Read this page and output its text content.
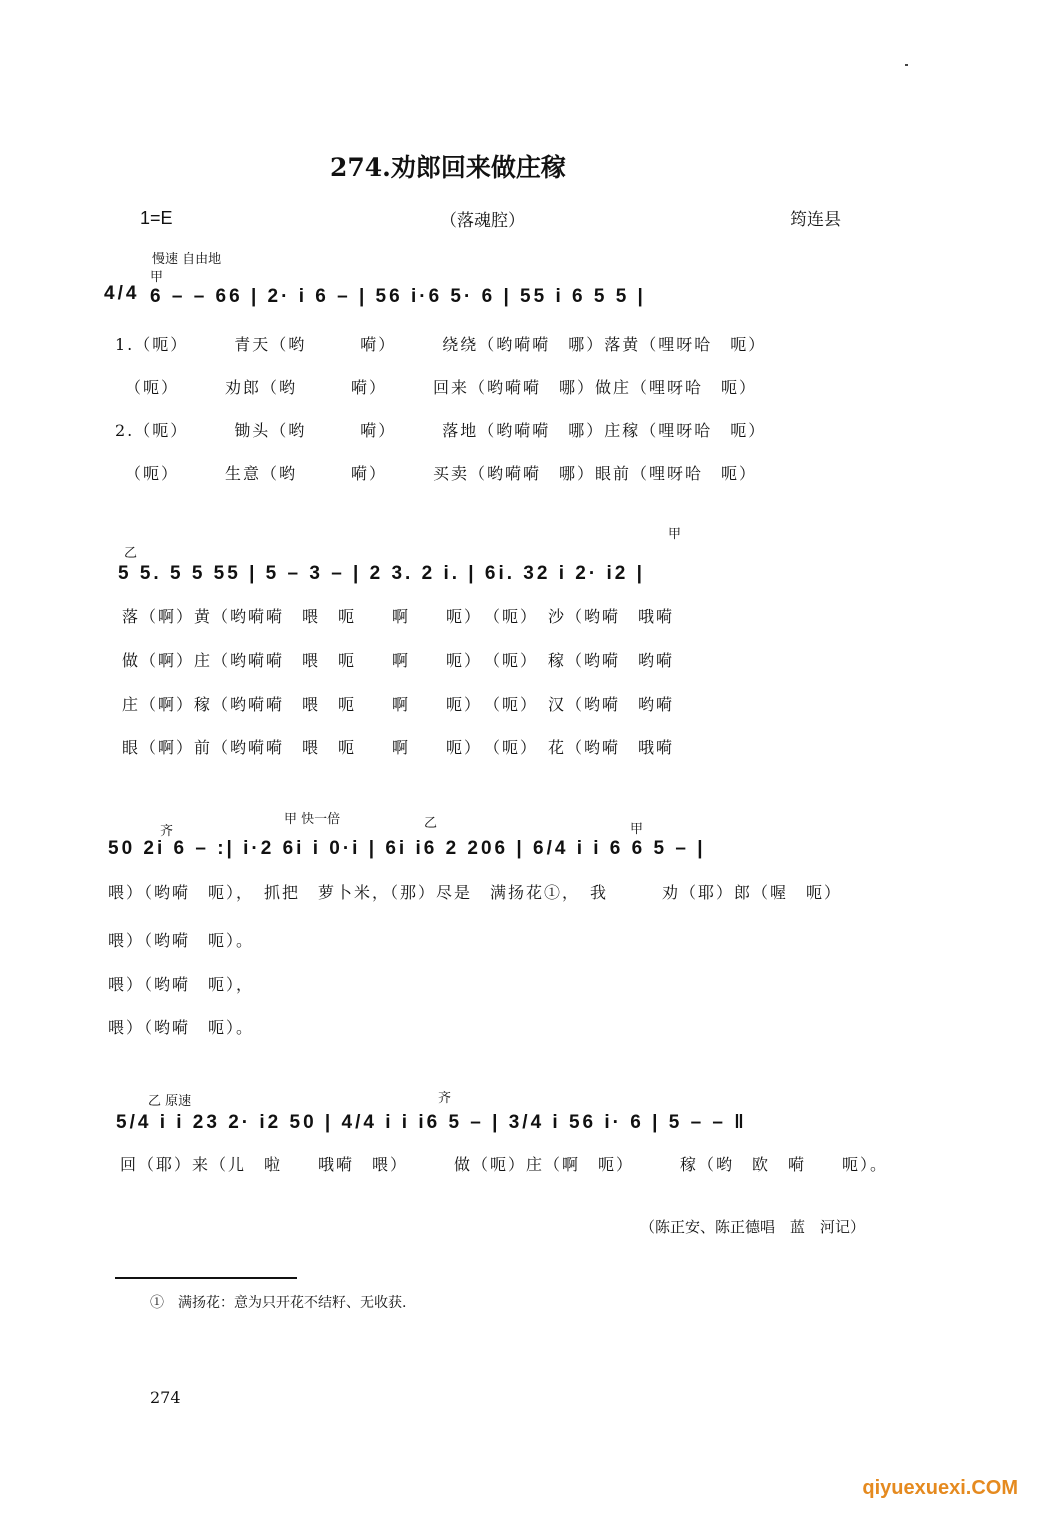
274.劝郎回来做庄稼
1=E	（落魂腔）	筠连县
慢速 自由地
甲
4/4 6 – – 66 | 2· i 6 – | 56 i·6 5· 6 | 55 i 6 5 5 |
1.（呃）　　　青天（哟　　　嗬）　　　绕绕（哟嗬嗬　哪）落黄（哩呀哈　呃）
　（呃）　　　劝郎（哟　　　嗬）　　　回来（哟嗬嗬　哪）做庄（哩呀哈　呃）
2.（呃）　　　锄头（哟　　　嗬）　　　落地（哟嗬嗬　哪）庄稼（哩呀哈　呃）
　（呃）　　　生意（哟　　　嗬）　　　买卖（哟嗬嗬　哪）眼前（哩呀哈　呃）
乙
甲
5 5. 5 5 55 | 5 – 3 – | 2 3. 2 i. | 6i. 32 i 2· i2 |
落（啊）黄（哟嗬嗬　喂　呃　　啊　　呃）　（呃）　沙（哟嗬　哦嗬
做（啊）庄（哟嗬嗬　喂　呃　　啊　　呃）　（呃）　稼（哟嗬　哟嗬
庄（啊）稼（哟嗬嗬　喂　呃　　啊　　呃）　（呃）　汉（哟嗬　哟嗬
眼（啊）前（哟嗬嗬　喂　呃　　啊　　呃）　（呃）　花（哟嗬　哦嗬
齐
甲 快一倍	乙	甲
50 2i 6 – :| i·2 6i i 0·i | 6i i6 2 206 | 6/4 i i 6 6 5 – |
喂）（哟嗬　呃），　抓把　萝卜米，（那）尽是　满扬花①，　我　　　劝（耶）郎（喔　呃）
喂）（哟嗬　呃）。
喂）（哟嗬　呃），
喂）（哟嗬　呃）。
乙 原速	齐
5/4 i i 23 2· i2 50 | 4/4 i i i6 5 – | 3/4 i 56 i· 6 | 5 – – ‖
回（耶）来（儿　啦　　哦嗬　喂）　　　做（呃）庄（啊　呃）　　　稼（哟　欧　嗬　　呃）。
（陈正安、陈正德唱　蓝　河记）
①　满扬花：意为只开花不结籽、无收获.
274
qiyuexuexi.COM
